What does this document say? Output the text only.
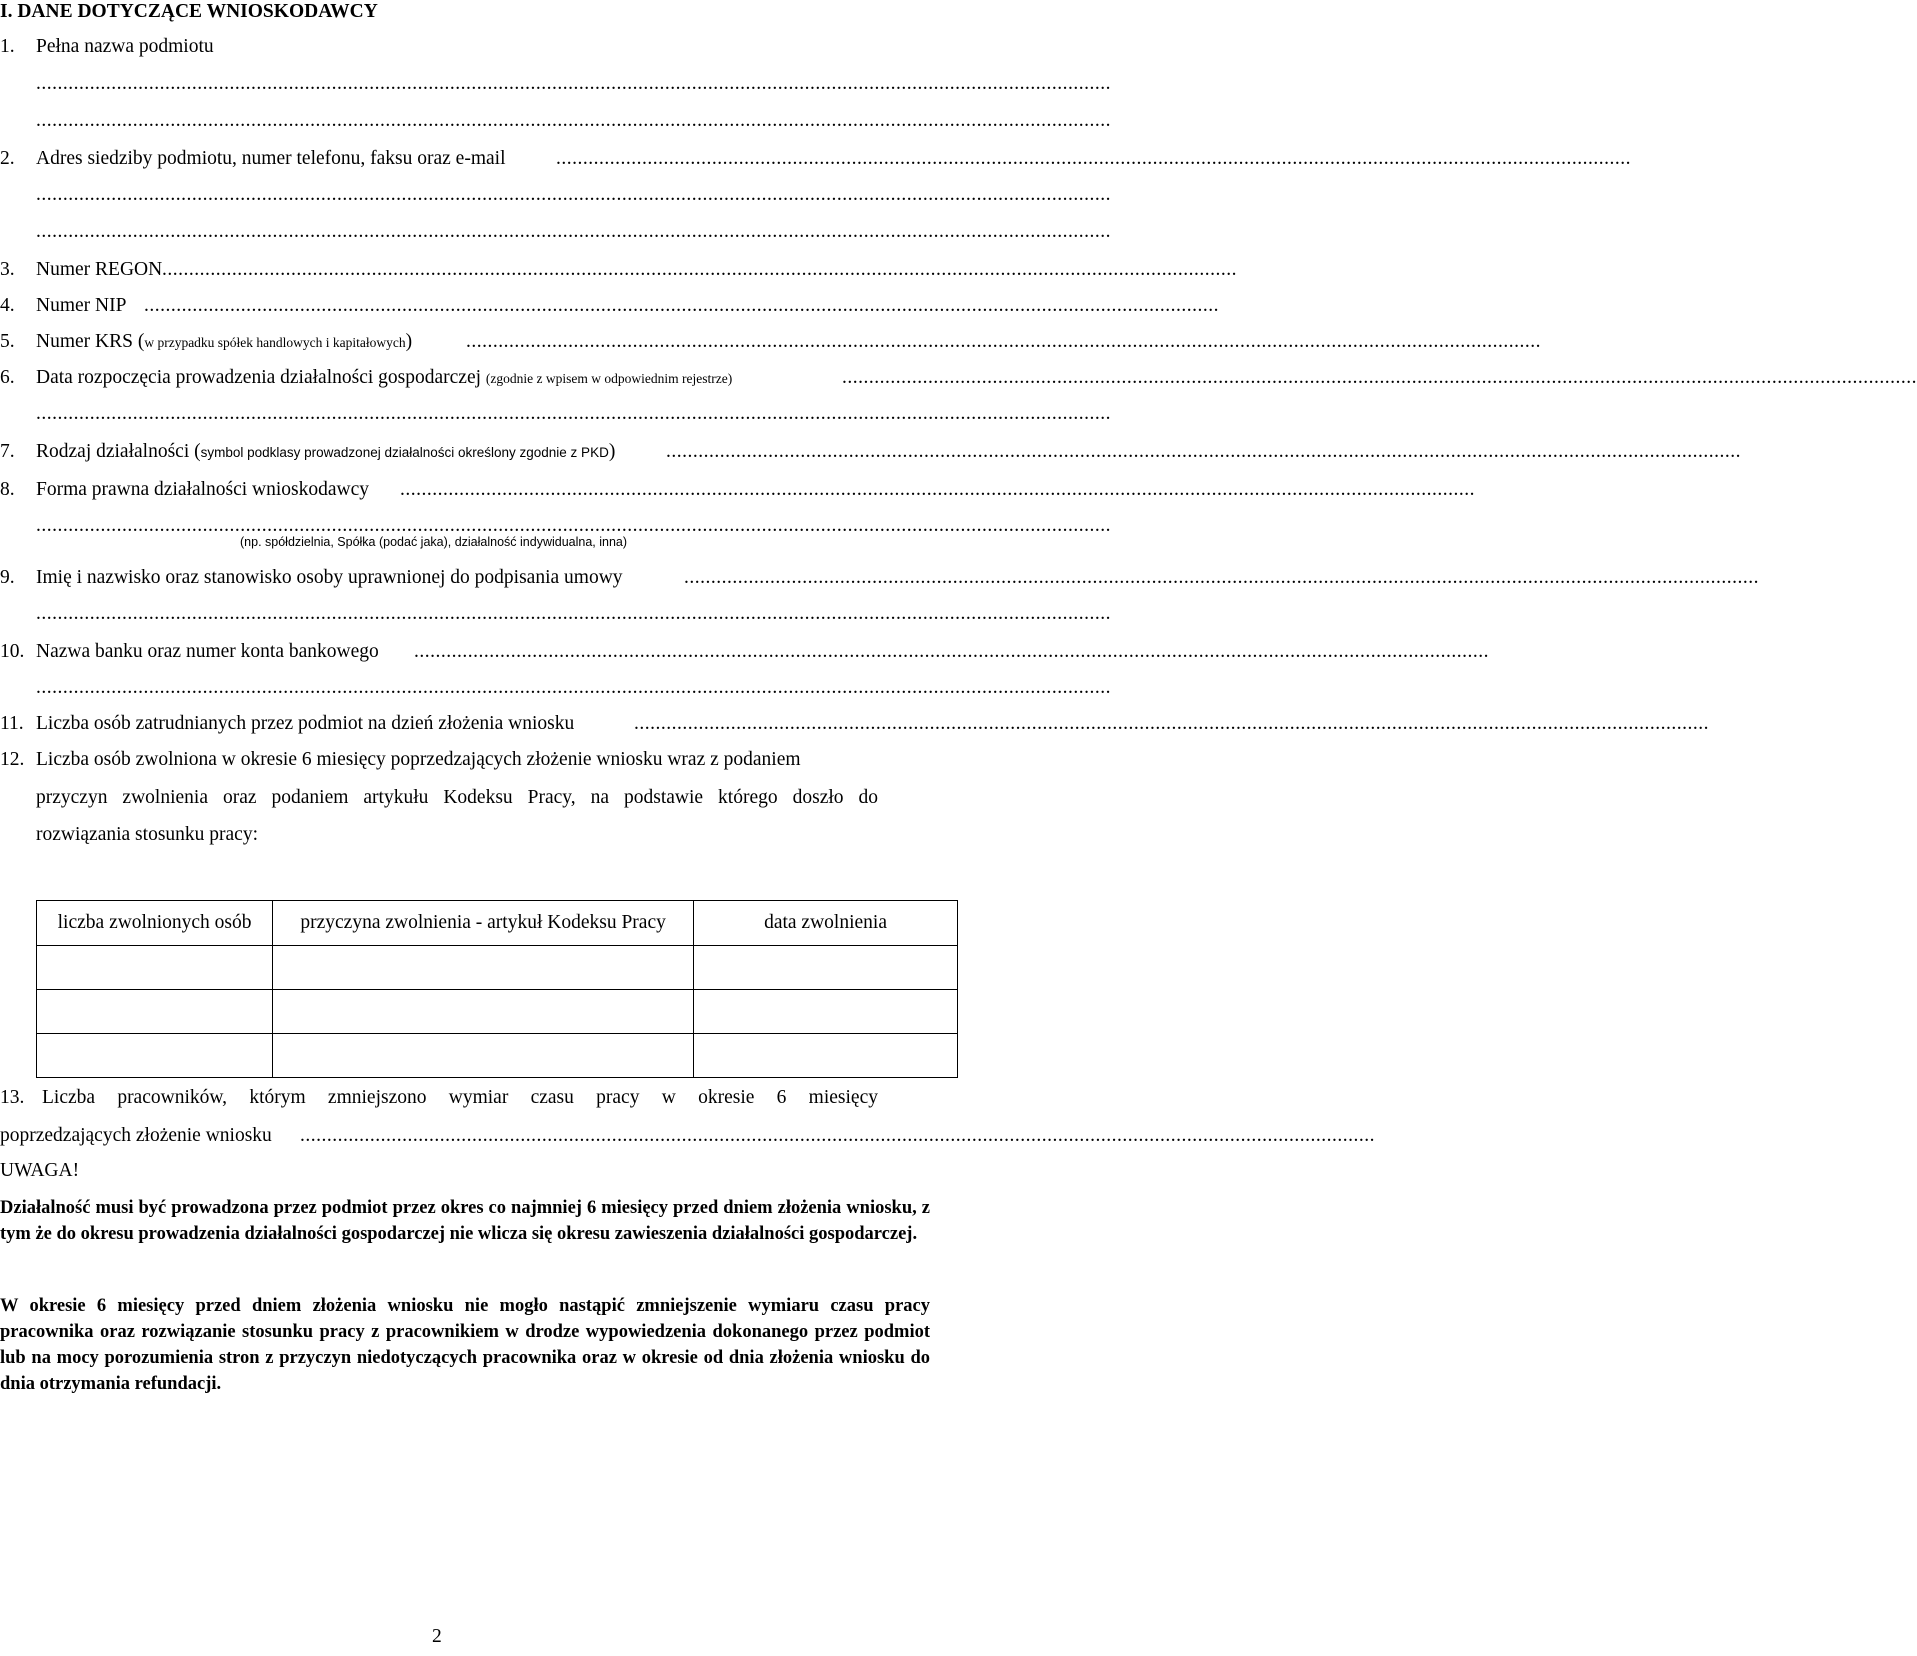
I. DANE DOTYCZĄCE WNIOSKODAWCY
1. Pełna nazwa podmiotu
........................................................................................................................................................................................................
........................................................................................................................................................................................................
2. Adres siedziby podmiotu, numer telefonu, faksu oraz e-mail	........................................................................................................................................................................................................
........................................................................................................................................................................................................
........................................................................................................................................................................................................
3. Numer REGON ........................................................................................................................................................................................................
4. Numer NIP ........................................................................................................................................................................................................
5. Numer KRS (w przypadku spółek handlowych i kapitałowych)	........................................................................................................................................................................................................
6. Data rozpoczęcia prowadzenia działalności gospodarczej (zgodnie z wpisem w odpowiednim rejestrze)	........................................................................................................................................................................................................
........................................................................................................................................................................................................
7. Rodzaj działalności (symbol podklasy prowadzonej działalności określony zgodnie z PKD)	........................................................................................................................................................................................................
8. Forma prawna działalności wnioskodawcy ........................................................................................................................................................................................................
........................................................................................................................................................................................................
(np. spółdzielnia, Spółka (podać jaka), działalność indywidualna, inna)
9. Imię i nazwisko oraz stanowisko osoby uprawnionej do podpisania umowy	........................................................................................................................................................................................................
........................................................................................................................................................................................................
10. Nazwa banku oraz numer konta bankowego ........................................................................................................................................................................................................
........................................................................................................................................................................................................
11. Liczba osób zatrudnianych przez podmiot na dzień złożenia wniosku	........................................................................................................................................................................................................
12. Liczba osób zwolniona w okresie 6 miesięcy poprzedzających złożenie wniosku wraz z podaniem
przyczyn zwolnienia oraz podaniem artykułu Kodeksu Pracy, na podstawie którego doszło do
rozwiązania stosunku pracy:
liczba zwolnionych osób	przyczyna zwolnienia - artykuł Kodeksu Pracy	data zwolnienia

13. Liczba pracowników, którym zmniejszono wymiar czasu pracy w okresie 6 miesięcy
poprzedzających złożenie wniosku ........................................................................................................................................................................................................
UWAGA!
Działalność musi być prowadzona przez podmiot przez okres co najmniej 6 miesięcy przed dniem złożenia wniosku, z tym że do okresu prowadzenia działalności gospodarczej nie wlicza się okresu zawieszenia działalności gospodarczej.
W okresie 6 miesięcy przed dniem złożenia wniosku nie mogło nastąpić zmniejszenie wymiaru czasu pracy pracownika oraz rozwiązanie stosunku pracy z pracownikiem w drodze wypowiedzenia dokonanego przez podmiot lub na mocy porozumienia stron z przyczyn niedotyczących pracownika oraz w okresie od dnia złożenia wniosku do dnia otrzymania refundacji.
2
